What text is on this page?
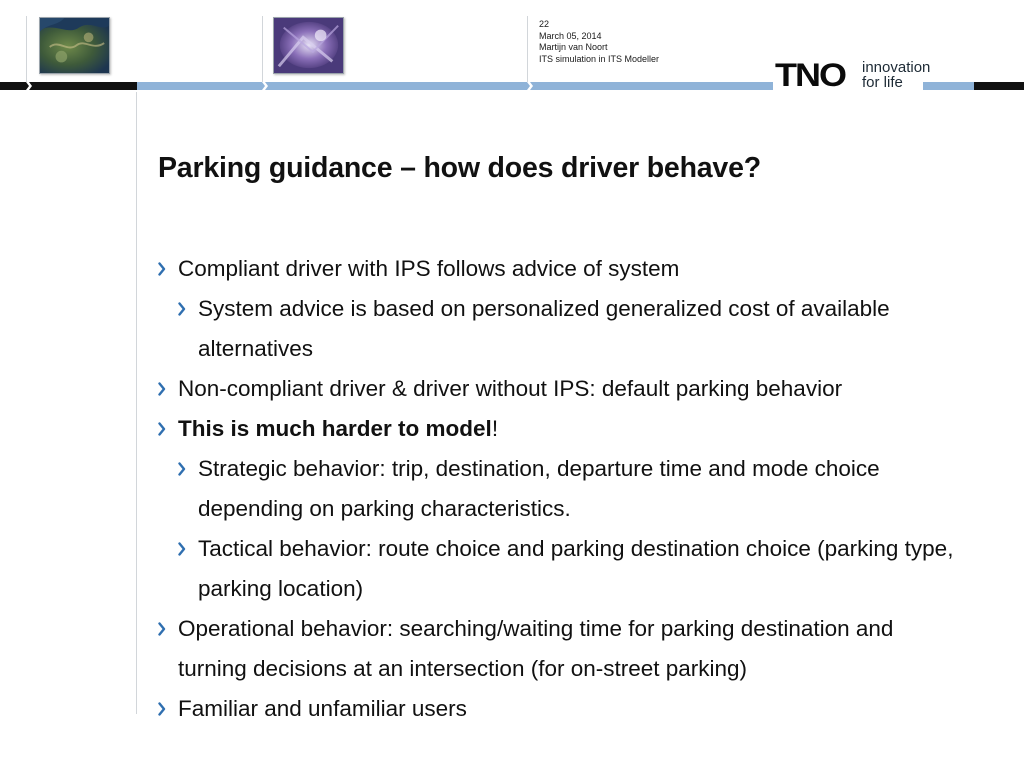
22
March 05, 2014
Martijn van Noort
ITS simulation in ITS Modeller	TNO innovation
for life
Parking guidance – how does driver behave?
Compliant driver with IPS follows advice of system
System advice is based on personalized generalized cost of available alternatives
Non-compliant driver & driver without IPS: default parking behavior
This is much harder to model!
Strategic behavior: trip, destination, departure time and mode choice depending on parking characteristics.
Tactical behavior: route choice and parking destination choice (parking type, parking location)
Operational behavior: searching/waiting time for parking destination and turning decisions at an intersection (for on-street parking)
Familiar and unfamiliar users
